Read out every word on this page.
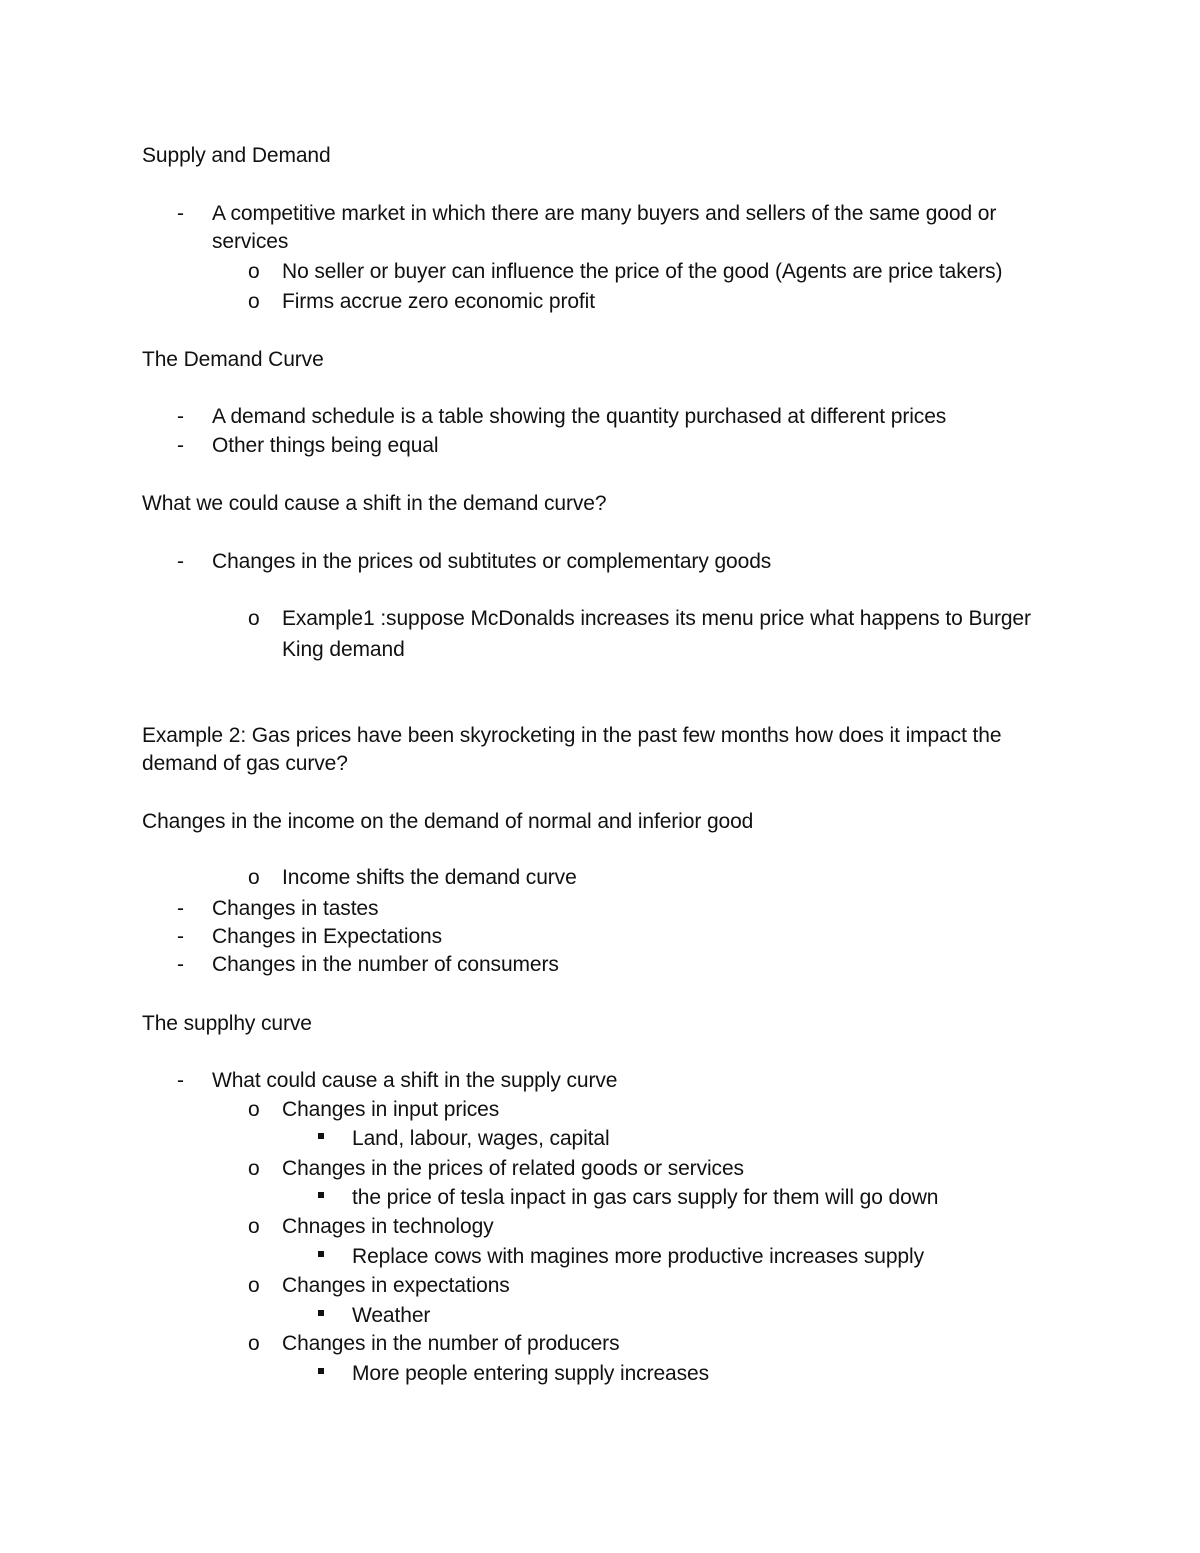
Supply and Demand
- A competitive market in which there are many buyers and sellers of the same good or
services
o No seller or buyer can influence the price of the good (Agents are price takers)
o Firms accrue zero economic profit
The Demand Curve
- A demand schedule is a table showing the quantity purchased at different prices
- Other things being equal
What we could cause a shift in the demand curve?
- Changes in the prices od subtitutes or complementary goods
o Example1 :suppose McDonalds increases its menu price what happens to Burger
King demand
Example 2: Gas prices have been skyrocketing in the past few months how does it impact the
demand of gas curve?
Changes in the income on the demand of normal and inferior good
o Income shifts the demand curve
- Changes in tastes
- Changes in Expectations
- Changes in the number of consumers
The supplhy curve
- What could cause a shift in the supply curve
o Changes in input prices
Land, labour, wages, capital
o Changes in the prices of related goods or services
the price of tesla inpact in gas cars supply for them will go down
o Chnages in technology
Replace cows with magines more productive increases supply
o Changes in expectations
Weather
o Changes in the number of producers
More people entering supply increases
